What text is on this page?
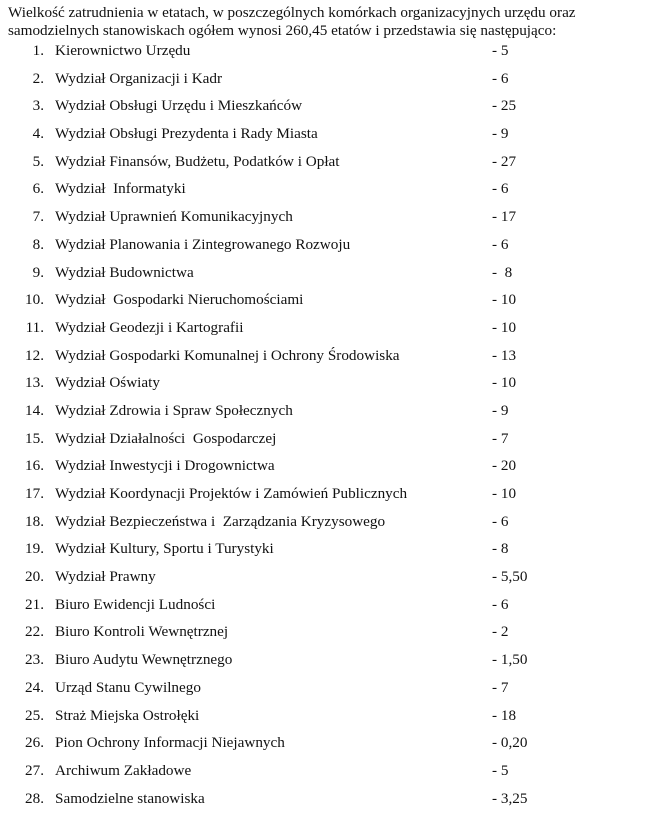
Wielkość zatrudnienia w etatach, w poszczególnych komórkach organizacyjnych urzędu oraz samodzielnych stanowiskach ogółem wynosi 260,45 etatów i przedstawia się następująco:

1. Kierownictwo Urzędu	- 5
2. Wydział Organizacji i Kadr	- 6
3. Wydział Obsługi Urzędu i Mieszkańców	- 25
4. Wydział Obsługi Prezydenta i Rady Miasta	- 9
5. Wydział Finansów, Budżetu, Podatków i Opłat	- 27
6. Wydział  Informatyki	- 6
7. Wydział Uprawnień Komunikacyjnych	- 17
8. Wydział Planowania i Zintegrowanego Rozwoju	- 6
9. Wydział Budownictwa	-  8
10. Wydział  Gospodarki Nieruchomościami	- 10
11. Wydział Geodezji i Kartografii	- 10
12. Wydział Gospodarki Komunalnej i Ochrony Środowiska	- 13
13. Wydział Oświaty	- 10
14. Wydział Zdrowia i Spraw Społecznych	- 9
15. Wydział Działalności  Gospodarczej	- 7
16. Wydział Inwestycji i Drogownictwa	- 20
17. Wydział Koordynacji Projektów i Zamówień Publicznych	- 10
18. Wydział Bezpieczeństwa i  Zarządzania Kryzysowego	- 6
19. Wydział Kultury, Sportu i Turystyki	- 8
20. Wydział Prawny	- 5,50
21. Biuro Ewidencji Ludności	- 6
22. Biuro Kontroli Wewnętrznej	- 2
23. Biuro Audytu Wewnętrznego	- 1,50
24. Urząd Stanu Cywilnego	- 7
25. Straż Miejska Ostrołęki	- 18
26. Pion Ochrony Informacji Niejawnych	- 0,20
27. Archiwum Zakładowe	- 5
28. Samodzielne stanowiska	- 3,25
